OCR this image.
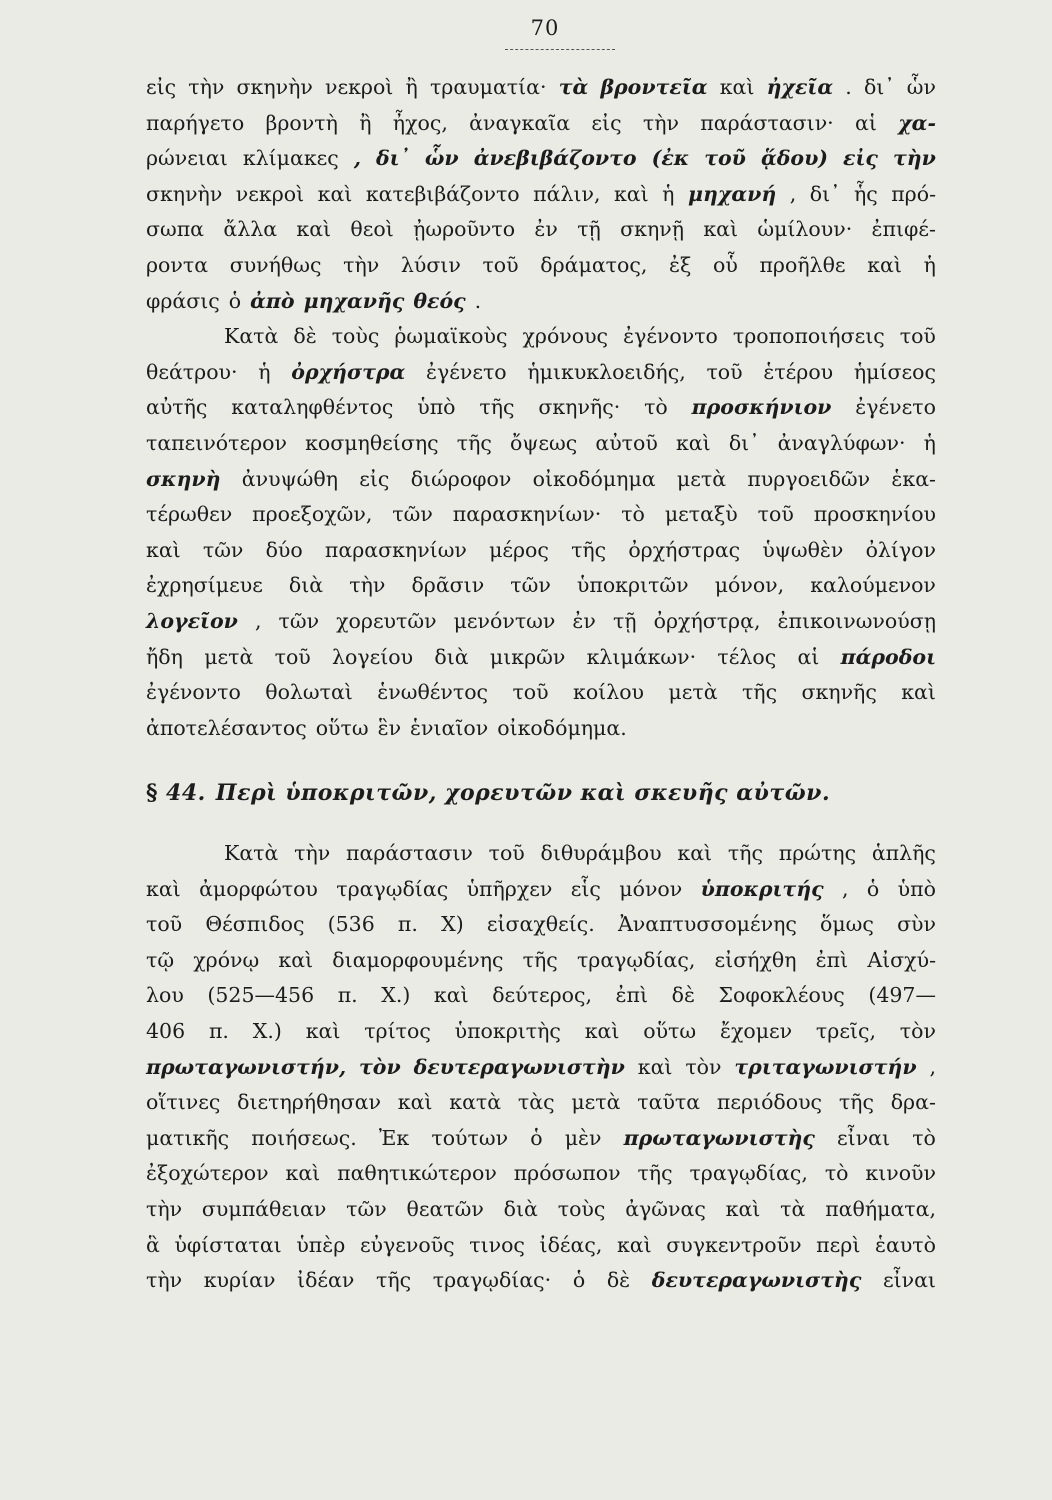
70
εἰς τὴν σκηνὴν νεκροὶ ἢ τραυματία· τὰ βροντεῖα καὶ ἠχεῖα . δι᾽ ὧν
παρήγετο βροντὴ ἢ ἦχος, ἀναγκαῖα εἰς τὴν παράστασιν· αἱ χα-
ρώνειαι κλίμακες , δι᾽ ὧν ἀνεβιβάζοντο (ἐκ τοῦ ᾅδου) εἰς τὴν
σκηνὴν νεκροὶ καὶ κατεβιβάζοντο πάλιν, καὶ ἡ μηχανή , δι᾽ ἧς πρό-
σωπα ἄλλα καὶ θεοὶ ᾐωροῦντο ἐν τῇ σκηνῇ καὶ ὡμίλουν· ἐπιφέ-
ροντα συνήθως τὴν λύσιν τοῦ δράματος, ἐξ οὗ προῆλθε καὶ ἡ
φράσις ὁ ἀπὸ μηχανῆς θεός .
Κατὰ δὲ τοὺς ῥωμαϊκοὺς χρόνους ἐγένοντο τροποποιήσεις τοῦ
θεάτρου· ἡ ὀρχήστρα ἐγένετο ἡμικυκλοειδής, τοῦ ἑτέρου ἡμίσεος
αὐτῆς καταληφθέντος ὑπὸ τῆς σκηνῆς· τὸ προσκήνιον ἐγένετο
ταπεινότερον κοσμηθείσης τῆς ὄψεως αὐτοῦ καὶ δι᾽ ἀναγλύφων· ἡ
σκηνὴ ἀνυψώθη εἰς διώροφον οἰκοδόμημα μετὰ πυργοειδῶν ἑκα-
τέρωθεν προεξοχῶν, τῶν παρασκηνίων· τὸ μεταξὺ τοῦ προσκηνίου
καὶ τῶν δύο παρασκηνίων μέρος τῆς ὀρχήστρας ὑψωθὲν ὀλίγον
ἐχρησίμευε διὰ τὴν δρᾶσιν τῶν ὑποκριτῶν μόνον, καλούμενον
λογεῖον , τῶν χορευτῶν μενόντων ἐν τῇ ὀρχήστρᾳ, ἐπικοινωνούσῃ
ἤδη μετὰ τοῦ λογείου διὰ μικρῶν κλιμάκων· τέλος αἱ πάροδοι
ἐγένοντο θολωταὶ ἑνωθέντος τοῦ κοίλου μετὰ τῆς σκηνῆς καὶ
ἀποτελέσαντος οὕτω ἓν ἑνιαῖον οἰκοδόμημα.
§ 44. Περὶ ὑποκριτῶν, χορευτῶν καὶ σκευῆς αὐτῶν.
Κατὰ τὴν παράστασιν τοῦ διθυράμβου καὶ τῆς πρώτης ἁπλῆς
καὶ ἀμορφώτου τραγῳδίας ὑπῆρχεν εἷς μόνον ὑποκριτής , ὁ ὑπὸ
τοῦ Θέσπιδος (536 π. Χ) εἰσαχθείς. Ἀναπτυσσομένης ὅμως σὺν
τῷ χρόνῳ καὶ διαμορφουμένης τῆς τραγῳδίας, εἰσήχθη ἐπὶ Αἰσχύ-
λου (525—456 π. Χ.) καὶ δεύτερος, ἐπὶ δὲ Σοφοκλέους (497—
406 π. Χ.) καὶ τρίτος ὑποκριτὴς καὶ οὕτω ἔχομεν τρεῖς, τὸν
πρωταγωνιστήν, τὸν δευτεραγωνιστὴν καὶ τὸν τριταγωνιστήν ,
οἵτινες διετηρήθησαν καὶ κατὰ τὰς μετὰ ταῦτα περιόδους τῆς δρα-
ματικῆς ποιήσεως. Ἐκ τούτων ὁ μὲν πρωταγωνιστὴς εἶναι τὸ
ἐξοχώτερον καὶ παθητικώτερον πρόσωπον τῆς τραγῳδίας, τὸ κινοῦν
τὴν συμπάθειαν τῶν θεατῶν διὰ τοὺς ἀγῶνας καὶ τὰ παθήματα,
ἃ ὑφίσταται ὑπὲρ εὐγενοῦς τινος ἰδέας, καὶ συγκεντροῦν περὶ ἑαυτὸ
τὴν κυρίαν ἰδέαν τῆς τραγῳδίας· ὁ δὲ δευτεραγωνιστὴς εἶναι
